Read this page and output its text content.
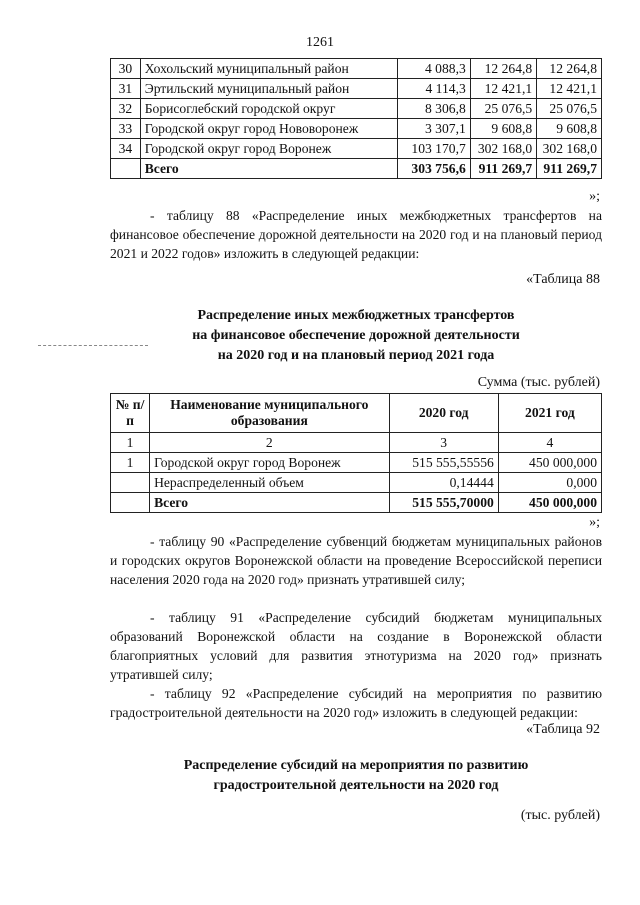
1261
30	Хохольский муниципальный район	4 088,3	12 264,8	12 264,8
31	Эртильский муниципальный район	4 114,3	12 421,1	12 421,1
32	Борисоглебский городской округ	8 306,8	25 076,5	25 076,5
33	Городской округ город Нововоронеж	3 307,1	9 608,8	9 608,8
34	Городской округ город Воронеж	103 170,7	302 168,0	302 168,0
	Всего	303 756,6	911 269,7	911 269,7
»;

- таблицу 88 «Распределение иных межбюджетных трансфертов на финансовое обеспечение дорожной деятельности на 2020 год и на плановый период 2021 и 2022 годов» изложить в следующей редакции:

«Таблица 88
Распределение иных межбюджетных трансфертов
на финансовое обеспечение дорожной деятельности
на 2020 год и на плановый период 2021 года
Сумма (тыс. рублей)
№ п/п	Наименование муниципального образования	2020 год	2021 год
1	2	3	4
1	Городской округ город Воронеж	515 555,55556	450 000,000
	Нераспределенный объем	0,14444	0,000
	Всего	515 555,70000	450 000,000
»;

- таблицу 90 «Распределение субвенций бюджетам муниципальных районов и городских округов Воронежской области на проведение Всероссийской переписи населения 2020 года на 2020 год» признать утратившей силу;

- таблицу 91 «Распределение субсидий бюджетам муниципальных образований Воронежской области на создание в Воронежской области благоприятных условий для развития этнотуризма на 2020 год» признать утратившей силу;

- таблицу 92 «Распределение субсидий на мероприятия по развитию градостроительной деятельности на 2020 год» изложить в следующей редакции:

«Таблица 92
Распределение субсидий на мероприятия по развитию
градостроительной деятельности на 2020 год
(тыс. рублей)
